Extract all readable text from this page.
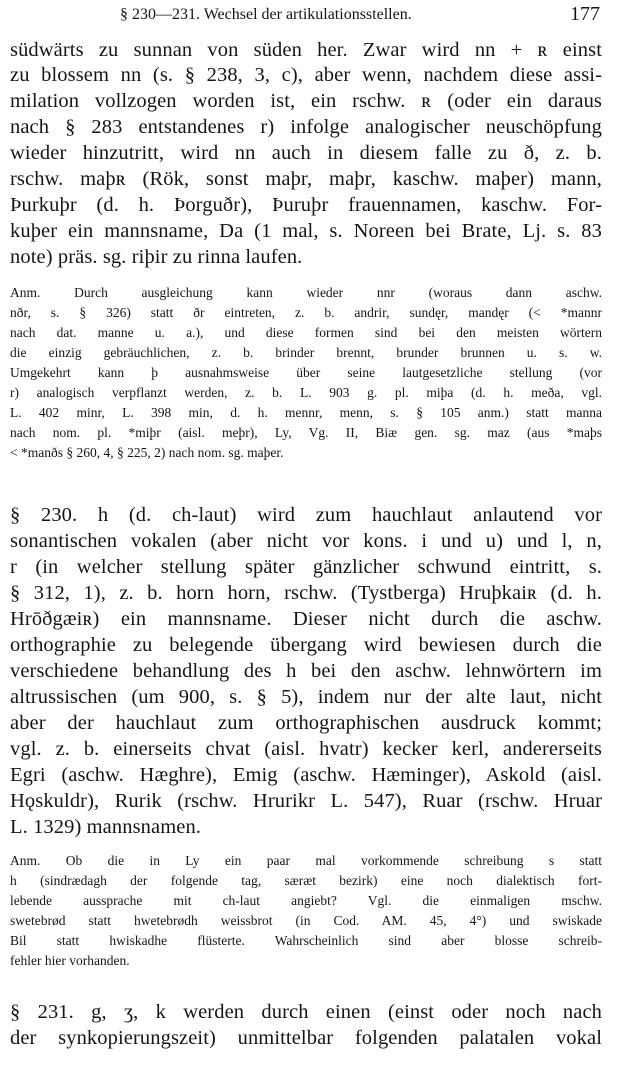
§ 230—231. Wechsel der artikulationsstellen.	177
südwärts zu sunnan von süden her. Zwar wird nn + ʀ einst
zu blossem nn (s. § 238, 3, c), aber wenn, nachdem diese assi-
milation vollzogen worden ist, ein rschw. ʀ (oder ein daraus
nach § 283 entstandenes r) infolge analogischer neuschöpfung
wieder hinzutritt, wird nn auch in diesem falle zu ð, z. b.
rschw. maþʀ (Rök, sonst maþr, maþr, kaschw. maþer) mann,
Þurkuþr (d. h. Þorguðr), Þuruþr frauennamen, kaschw. For-
kuþer ein mannsname, Da (1 mal, s. Noreen bei Brate, Lj. s. 83
note) präs. sg. riþir zu rinna laufen.
Anm. Durch ausgleichung kann wieder nnr (woraus dann aschw.
nðr, s. § 326) statt ðr eintreten, z. b. andrir, sundęr, mandęr (< *mannr
nach dat. manne u. a.), und diese formen sind bei den meisten wörtern
die einzig gebräuchlichen, z. b. brinder brennt, brunder brunnen u. s. w.
Umgekehrt kann þ ausnahmsweise über seine lautgesetzliche stellung (vor
r) analogisch verpflanzt werden, z. b. L. 903 g. pl. miþa (d. h. meða, vgl.
L. 402 minr, L. 398 min, d. h. mennr, menn, s. § 105 anm.) statt manna
nach nom. pl. *miþr (aisl. meþr), Ly, Vg. II, Biæ gen. sg. maz (aus *maþs
< *manðs § 260, 4, § 225, 2) nach nom. sg. maþer.
§ 230. h (d. ch-laut) wird zum hauchlaut anlautend vor
sonantischen vokalen (aber nicht vor kons. i und u) und l, n,
r (in welcher stellung später gänzlicher schwund eintritt, s.
§ 312, 1), z. b. horn horn, rschw. (Tystberga) Hruþkaiʀ (d. h.
Hrōðgæiʀ) ein mannsname. Dieser nicht durch die aschw.
orthographie zu belegende übergang wird bewiesen durch die
verschiedene behandlung des h bei den aschw. lehnwörtern im
altrussischen (um 900, s. § 5), indem nur der alte laut, nicht
aber der hauchlaut zum orthographischen ausdruck kommt;
vgl. z. b. einerseits chvat (aisl. hvatr) kecker kerl, andererseits
Egri (aschw. Hæghre), Emig (aschw. Hæminger), Askold (aisl.
Hǫskuldr), Rurik (rschw. Hrurikr L. 547), Ruar (rschw. Hruar
L. 1329) mannsnamen.
Anm. Ob die in Ly ein paar mal vorkommende schreibung s statt
h (sindrædagh der folgende tag, særæt bezirk) eine noch dialektisch fort-
lebende aussprache mit ch-laut angiebt? Vgl. die einmaligen mschw.
swetebrød statt hwetebrødh weissbrot (in Cod. AM. 45, 4°) und swiskade
Bil statt hwiskadhe flüsterte. Wahrscheinlich sind aber blosse schreib-
fehler hier vorhanden.
§ 231. g, ʒ, k werden durch einen (einst oder noch nach
der synkopierungszeit) unmittelbar folgenden palatalen vokal
